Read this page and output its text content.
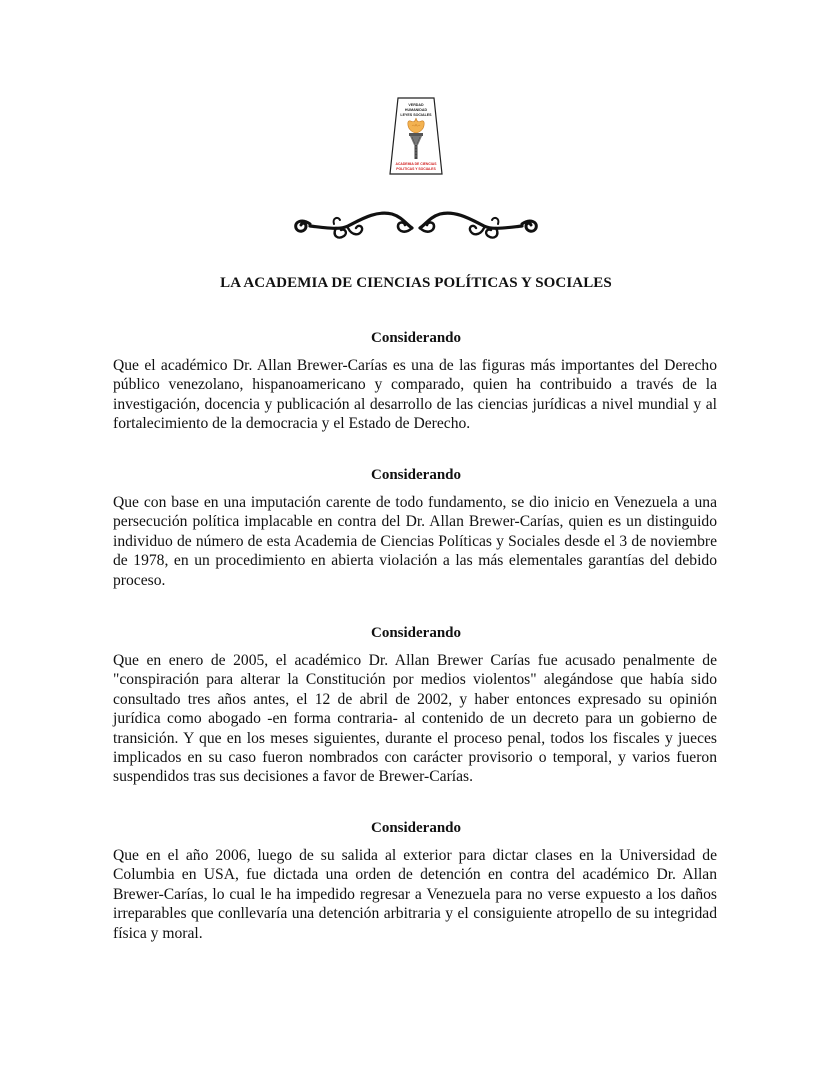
VERDAD
HUMANIDAD
LEYES SOCIALES
ACADEMIA DE CIENCIAS
POLITICAS Y SOCIALES
LA ACADEMIA DE CIENCIAS POLÍTICAS Y SOCIALES
Considerando

Que el académico Dr. Allan Brewer-Carías es una de las figuras más importantes del Derecho público venezolano, hispanoamericano y comparado, quien ha contribuido a través de la investigación, docencia y publicación al desarrollo de las ciencias jurídicas a nivel mundial y al fortalecimiento de la democracia y el Estado de Derecho.

Considerando

Que con base en una imputación carente de todo fundamento, se dio inicio en Venezuela a una persecución política implacable en contra del Dr. Allan Brewer-Carías, quien es un distinguido individuo de número de esta Academia de Ciencias Políticas y Sociales desde el 3 de noviembre de 1978, en un procedimiento en abierta violación a las más elementales garantías del debido proceso.

Considerando

Que en enero de 2005, el académico Dr. Allan Brewer Carías fue acusado penalmente de "conspiración para alterar la Constitución por medios violentos" alegándose que había sido consultado tres años antes, el 12 de abril de 2002, y haber entonces expresado su opinión jurídica como abogado -en forma contraria- al contenido de un decreto para un gobierno de transición. Y que en los meses siguientes, durante el proceso penal, todos los fiscales y jueces implicados en su caso fueron nombrados con carácter provisorio o temporal, y varios fueron suspendidos tras sus decisiones a favor de Brewer-Carías.

Considerando

Que en el año 2006, luego de su salida al exterior para dictar clases en la Universidad de Columbia en USA, fue dictada una orden de detención en contra del académico Dr. Allan Brewer-Carías, lo cual le ha impedido regresar a Venezuela para no verse expuesto a los daños irreparables que conllevaría una detención arbitraria y el consiguiente atropello de su integridad física y moral.
